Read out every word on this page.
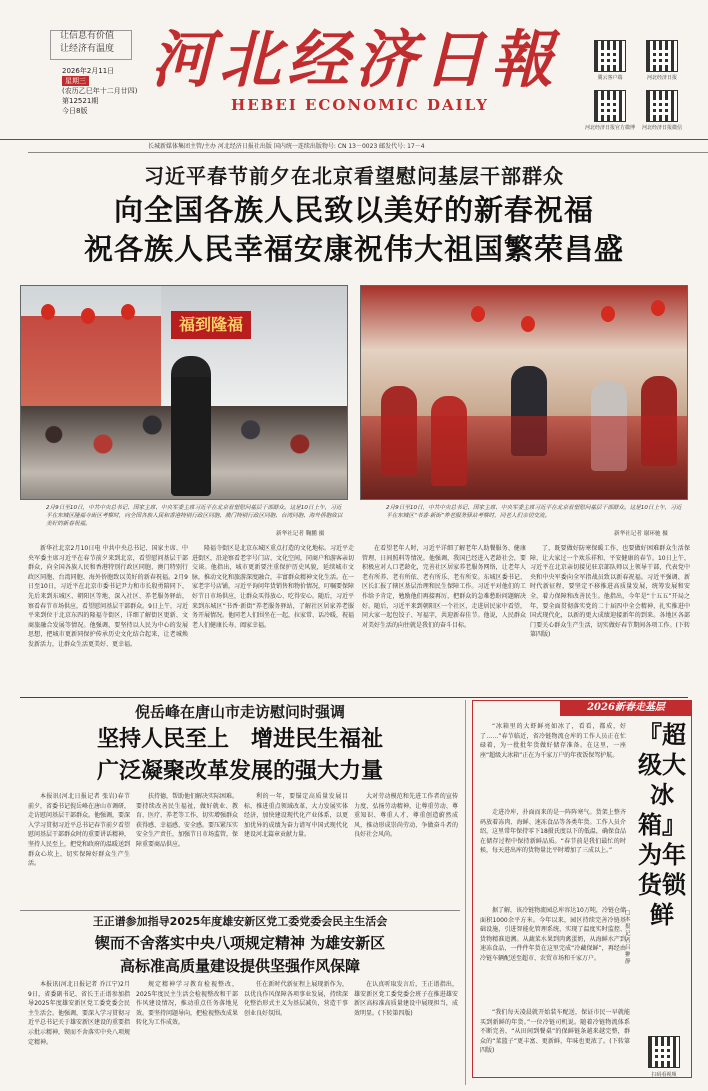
让信息有价值
让经济有温度
2026年2月11日
星期三
(农历乙巳年十二月廿四)
第12521期
今日8版
河北经济日報
HEBEI ECONOMIC DAILY
冀云客户端	河北经济日报
河北经济日报官方微博	河北经济日报微信
长城新媒体集团主管/主办 河北经济日报社出版 国内统一连续出版物号: CN 13－0023 邮发代号: 17－4
习近平春节前夕在北京看望慰问基层干部群众
向全国各族人民致以美好的新春祝福
祝各族人民幸福安康祝伟大祖国繁荣昌盛
福到隆福
2月9日至10日，中共中央总书记、国家主席、中央军委主席习近平在北京看望慰问基层干部群众。这是10日上午，习近平在东城区隆福寺街区考察时，向全国各族人民和香港特别行政区同胞、澳门特别行政区同胞、台湾同胞、海外侨胞致以美好的新春祝福。
新华社记者 鞠鹏 摄
2月9日至10日，中共中央总书记、国家主席、中央军委主席习近平在北京看望慰问基层干部群众。这是10日上午，习近平在东城区“书香·新街”养老服务驿站考察时，同老人们亲切交流。
新华社记者 谢环驰 摄
新华社北京2月10日电 中共中央总书记、国家主席、中央军委主席习近平在春节前夕来到北京，看望慰问基层干部群众，向全国各族人民和香港特别行政区同胞、澳门特别行政区同胞、台湾同胞、海外侨胞致以美好的新春祝福。2月9日至10日，习近平在北京市委书记尹力和市长殷勇陪同下，先后来到东城区、朝阳区等地，深入社区、养老服务驿站，察看春节市场供应，看望慰问基层干部群众。9日上午，习近平来到位于北京东四的隆福寺街区，详细了解街区更新、文商旅融合发展等情况。他强调，要坚持以人民为中心的发展思想，把城市更新同保护传承历史文化结合起来，让老城焕发新活力，让群众生活更美好、更幸福。
隆福寺街区是北京东城区重点打造的文化地标。习近平走进街区，沿途察看老字号门店、文化空间，同商户和游客亲切交谈。他指出，城市更新要注重保护历史风貌，延续城市文脉，推动文化和旅游深度融合，丰富群众精神文化生活。在一家老字号店铺，习近平询问年货销售和物价情况，叮嘱要保障好节日市场供应，让群众买得放心、吃得安心。随后，习近平来到东城区“书香·新街”养老服务驿站，了解社区居家养老服务开展情况。他同老人们围坐在一起，拉家常、话冷暖，祝福老人们健康长寿、阖家幸福。
在看望老年人时，习近平详细了解老年人助餐服务、健康管理、日间照料等情况。他强调，我国已经进入老龄社会，要积极应对人口老龄化，完善社区居家养老服务网络，让老年人老有所养、老有所依、老有所乐、老有所安。东城区委书记、区长汇报了辖区基层治理和民生保障工作。习近平对他们的工作给予肯定，勉励他们再接再厉，把群众的急难愁盼问题解决好。随后，习近平来到朝阳区一个社区，走进居民家中看望，同大家一起包饺子、写福字，共迎新春佳节。他说，人民群众对美好生活的向往就是我们的奋斗目标。
了，既要做好防寒保暖工作，也要做好困难群众生活保障，让大家过一个欢乐祥和、平安健康的春节。10日上午，习近平在北京亲切接见驻京部队师以上领导干部，代表党中央和中央军委向全军指战员致以新春祝福。习近平强调，新时代新征程，要坚定不移推进高质量发展，统筹发展和安全，着力保障和改善民生。他指出，今年是“十五五”开局之年，要全面贯彻落实党的二十届四中全会精神，扎实推进中国式现代化，以新的更大成绩迎接新年的到来。各地区各部门要关心群众生产生活，切实做好春节期间各项工作。(下转第四版)
倪岳峰在唐山市走访慰问时强调
坚持人民至上　增进民生福祉
广泛凝聚改革发展的强大力量
本报讯(河北日报记者 张岩)春节前夕，省委书记倪岳峰在唐山市调研，走访慰问基层干部群众。他强调，要深入学习贯彻习近平总书记春节前夕看望慰问基层干部群众时的重要讲话精神，坚持人民至上，把党和政府的温暖送到群众心坎上，切实保障好群众生产生活。
扶持德，帮助他们解决实际困难。要持续改善民生福祉，做好就业、教育、医疗、养老等工作，切实增强群众获得感、幸福感、安全感。要压紧压实安全生产责任，加强节日市场监管，保障重要商品供应。
利的一年，要锚定高质量发展目标，推进重点领域改革，大力发展实体经济，加快建设现代化产业体系，以更加优异的成绩为奋力谱写中国式现代化建设河北篇章贡献力量。
大对劳动模范和先进工作者的宣传力度，弘扬劳动精神，让尊重劳动、尊重知识、尊重人才、尊重创造蔚然成风，推动形成崇尚劳动、争做奋斗者的良好社会风尚。
王正谱参加指导2025年度雄安新区党工委党委会民主生活会
锲而不舍落实中央八项规定精神 为雄安新区
高标准高质量建设提供坚强作风保障
本报讯(河北日报记者 乔江宁)2月9日，省委副书记、省长王正谱参加指导2025年度雄安新区党工委党委会民主生活会。他强调，要深入学习贯彻习近平总书记关于雄安新区建设的重要指示批示精神，锲而不舍落实中央八项规定精神。
规定精神学习教育检视整改，2025年度民主生活会检视整改和干部作风建设情况，推动重点任务落地见效。要坚持问题导向，把检视整改成果转化为工作成效。
任在新时代新征程上展现新作为，以优良作风保障各项事业发展，持续深化整治形式主义为基层减负，营造干事创业良好氛围。
在认真听取发言后，王正谱指出，雄安新区党工委党委会班子在推进雄安新区高标准高质量建设中展现担当，成效明显。(下转第四版)
2026新春走基层
『超级大冰箱』为年货锁鲜
□本报记者 吕翀静
“冰箱里的大虾鲜亮如冰了，看看，都成，好了……”春节临近，省冷链物流仓库的工作人员正在忙碌着，为一批批年货做好储存准备。在这里，一座座“超级大冰箱”正在为千家万户的年夜饭保驾护航。
走进冷库，扑面而来的是一阵阵寒气。货架上整齐码放着冻肉、海鲜、速冻食品等各类年货。工作人员介绍，这里常年保持零下18摄氏度以下的低温，确保食品在储存过程中保持新鲜品质。“春节前是我们最忙的时候，每天进出库的货物量比平时增加了三成以上。”
据了解，该冷链物流园总库容达10万吨，冷链仓储面积1000余平方米。今年以来，园区持续完善冷链基础设施，引进智能化管理系统，实现了温度实时监控、货物精准追溯。从蔬菜水果到肉禽蛋奶，从海鲜水产到速冻食品，一件件年货在这里完成“冷藏保鲜”，再经由冷链车辆配送至超市、农贸市场和千家万户。
“我们每天凌晨就开始装车配送，保证市民一早就能买到新鲜的年货。”一位冷链司机说。随着冷链物流体系不断完善，“从田间到餐桌”的保鲜链条越来越完整，群众的“菜篮子”更丰富、更新鲜，年味也更浓了。(下转第四版)
扫码看视频
